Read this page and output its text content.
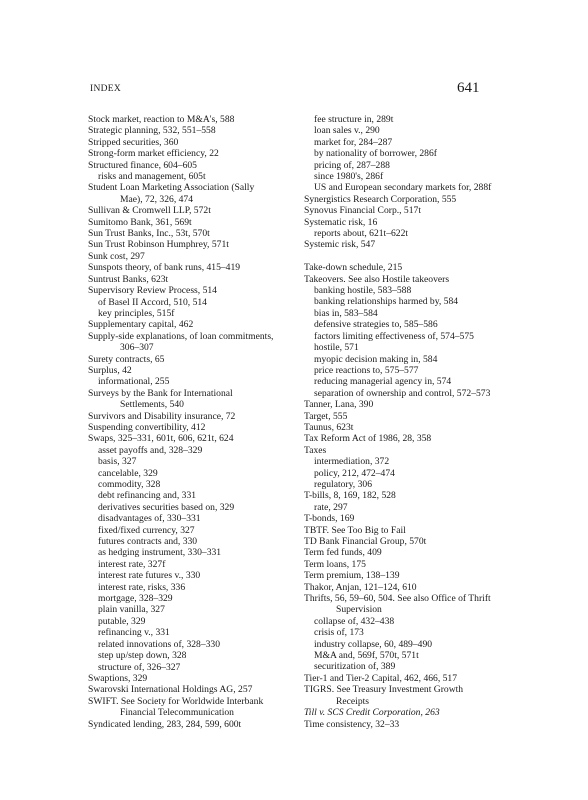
INDEX	641
Stock market, reaction to M&A's, 588
Strategic planning, 532, 551–558
Stripped securities, 360
Strong-form market efficiency, 22
Structured finance, 604–605
risks and management, 605t
Student Loan Marketing Association (Sally
Mae), 72, 326, 474
Sullivan & Cromwell LLP, 572t
Sumitomo Bank, 361, 569t
Sun Trust Banks, Inc., 53t, 570t
Sun Trust Robinson Humphrey, 571t
Sunk cost, 297
Sunspots theory, of bank runs, 415–419
Suntrust Banks, 623t
Supervisory Review Process, 514
of Basel II Accord, 510, 514
key principles, 515f
Supplementary capital, 462
Supply-side explanations, of loan commitments,
306–307
Surety contracts, 65
Surplus, 42
informational, 255
Surveys by the Bank for International
Settlements, 540
Survivors and Disability insurance, 72
Suspending convertibility, 412
Swaps, 325–331, 601t, 606, 621t, 624
asset payoffs and, 328–329
basis, 327
cancelable, 329
commodity, 328
debt refinancing and, 331
derivatives securities based on, 329
disadvantages of, 330–331
fixed/fixed currency, 327
futures contracts and, 330
as hedging instrument, 330–331
interest rate, 327f
interest rate futures v., 330
interest rate, risks, 336
mortgage, 328–329
plain vanilla, 327
putable, 329
refinancing v., 331
related innovations of, 328–330
step up/step down, 328
structure of, 326–327
Swaptions, 329
Swarovski International Holdings AG, 257
SWIFT. See Society for Worldwide Interbank
Financial Telecommunication
Syndicated lending, 283, 284, 599, 600t
fee structure in, 289t
loan sales v., 290
market for, 284–287
by nationality of borrower, 286f
pricing of, 287–288
since 1980's, 286f
US and European secondary markets for, 288f
Synergistics Research Corporation, 555
Synovus Financial Corp., 517t
Systematic risk, 16
reports about, 621t–622t
Systemic risk, 547
Take-down schedule, 215
Takeovers. See also Hostile takeovers
banking hostile, 583–588
banking relationships harmed by, 584
bias in, 583–584
defensive strategies to, 585–586
factors limiting effectiveness of, 574–575
hostile, 571
myopic decision making in, 584
price reactions to, 575–577
reducing managerial agency in, 574
separation of ownership and control, 572–573
Tanner, Lana, 390
Target, 555
Taunus, 623t
Tax Reform Act of 1986, 28, 358
Taxes
intermediation, 372
policy, 212, 472–474
regulatory, 306
T-bills, 8, 169, 182, 528
rate, 297
T-bonds, 169
TBTF. See Too Big to Fail
TD Bank Financial Group, 570t
Term fed funds, 409
Term loans, 175
Term premium, 138–139
Thakor, Anjan, 121–124, 610
Thrifts, 56, 59–60, 504. See also Office of Thrift
Supervision
collapse of, 432–438
crisis of, 173
industry collapse, 60, 489–490
M&A and, 569f, 570t, 571t
securitization of, 389
Tier-1 and Tier-2 Capital, 462, 466, 517
TIGRS. See Treasury Investment Growth
Receipts
Till v. SCS Credit Corporation, 263
Time consistency, 32–33
